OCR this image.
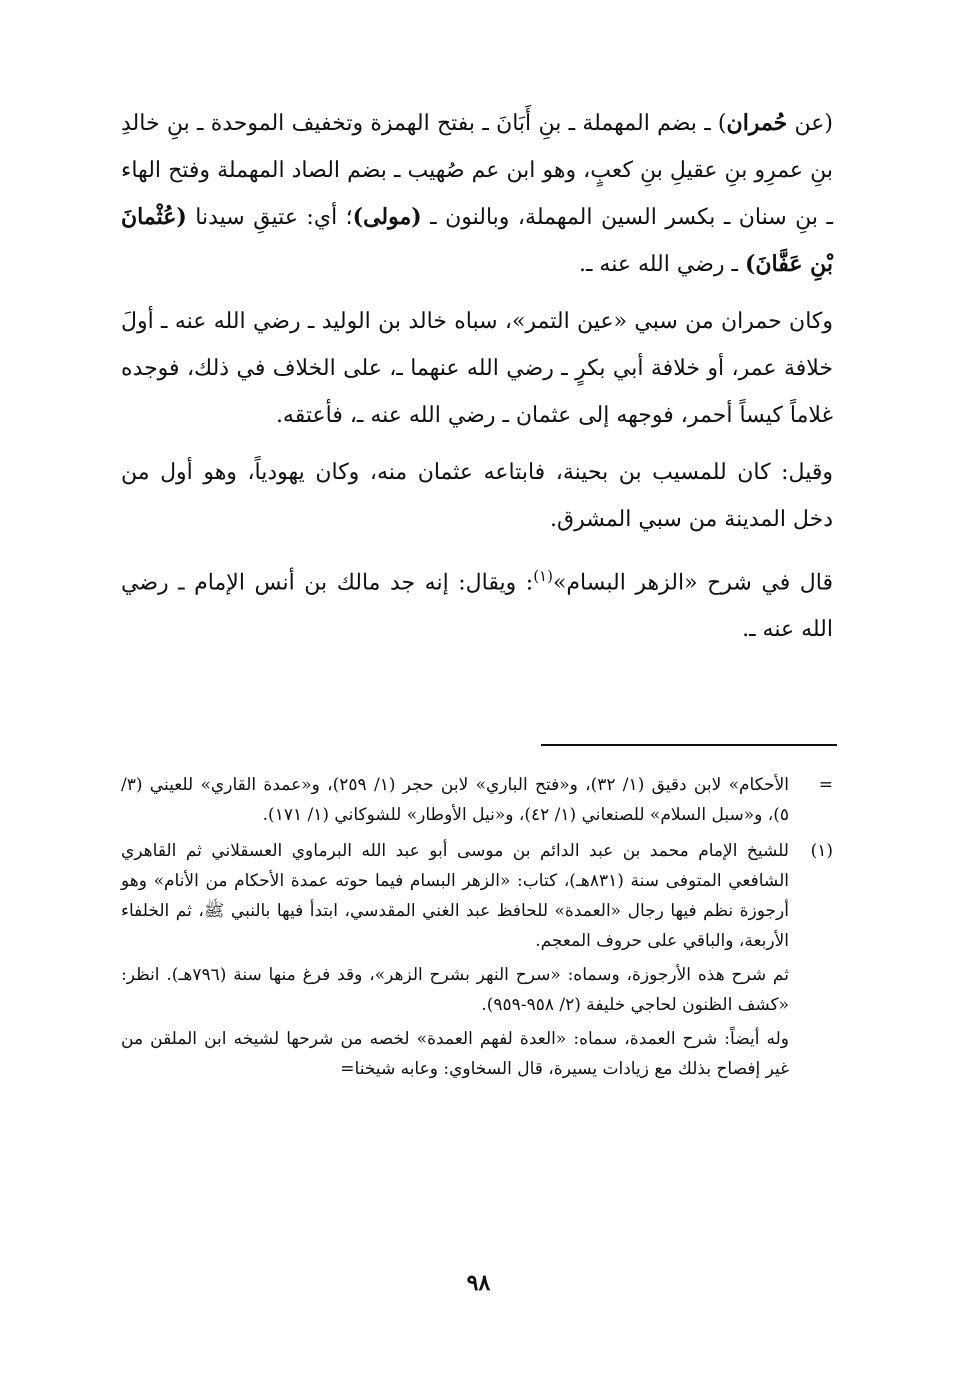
(عن حُمران) ـ بضم المهملة ـ بنِ أَبَانَ ـ بفتح الهمزة وتخفيف الموحدة ـ بنِ خالدِ بنِ عمرِو بنِ عقيلِ بنِ كعبٍ، وهو ابن عم صُهيب ـ بضم الصاد المهملة وفتح الهاء ـ بنِ سنان ـ بكسر السين المهملة، وبالنون ـ (مولى)؛ أي: عتيقِ سيدنا (عُثْمانَ بْنِ عَفَّانَ) ـ رضي الله عنه ـ.

وكان حمران من سبي «عين التمر»، سباه خالد بن الوليد ـ رضي الله عنه ـ أولَ خلافة عمر، أو خلافة أبي بكرٍ ـ رضي الله عنهما ـ، على الخلاف في ذلك، فوجده غلاماً كيساً أحمر، فوجهه إلى عثمان ـ رضي الله عنه ـ، فأعتقه.

وقيل: كان للمسيب بن بحينة، فابتاعه عثمان منه، وكان يهودياً، وهو أول من دخل المدينة من سبي المشرق.

قال في شرح «الزهر البسام»$^{(١)}$: ويقال: إنه جد مالك بن أنس الإمام ـ رضي الله عنه ـ.

=

الأحكام» لابن دقيق (١/ ٣٢)، و«فتح الباري» لابن حجر (١/ ٢٥٩)، و«عمدة القاري» للعيني (٣/ ٥)، و«سبل السلام» للصنعاني (١/ ٤٢)، و«نيل الأوطار» للشوكاني (١/ ١٧١).

(١)

للشيخ الإمام محمد بن عبد الدائم بن موسى أبو عبد الله البرماوي العسقلاني ثم القاهري الشافعي المتوفى سنة (٨٣١هـ)، كتاب: «الزهر البسام فيما حوته عمدة الأحكام من الأنام» وهو أرجوزة نظم فيها رجال «العمدة» للحافظ عبد الغني المقدسي، ابتدأ فيها بالنبي ﷺ، ثم الخلفاء الأربعة، والباقي على حروف المعجم.

ثم شرح هذه الأرجوزة، وسماه: «سرح النهر بشرح الزهر»، وقد فرغ منها سنة (٧٩٦هـ). انظر: «كشف الظنون لحاجي خليفة (٢/ ٩٥٨-٩٥٩).

وله أيضاً: شرح العمدة، سماه: «العدة لفهم العمدة» لخصه من شرحها لشيخه ابن الملقن من غير إفصاح بذلك مع زيادات يسيرة، قال السخاوي: وعابه شيخنا=

٩٨
